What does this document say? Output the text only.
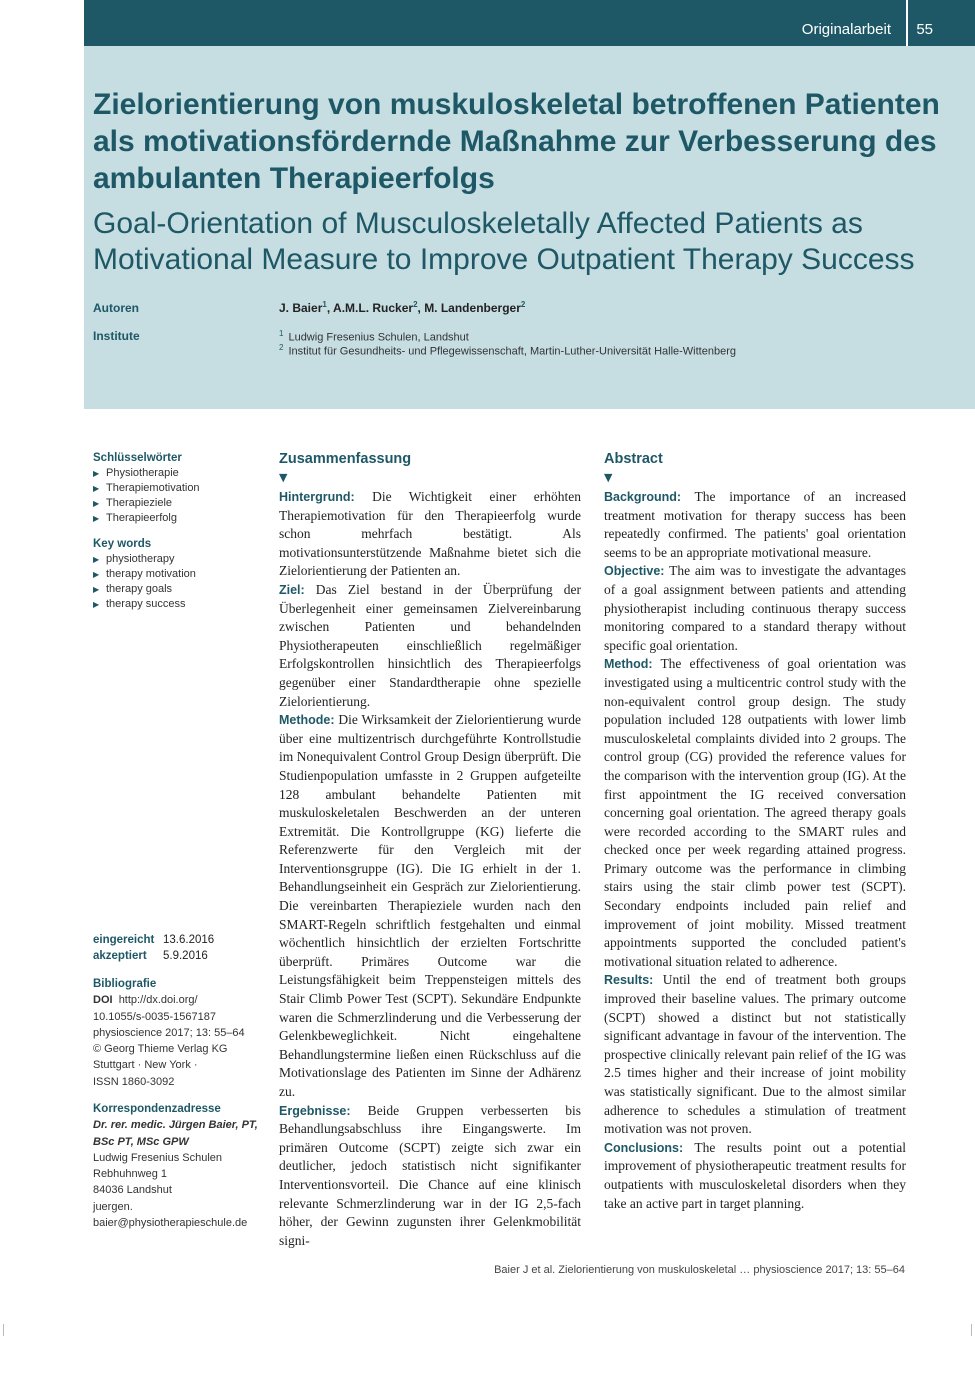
Originalarbeit 55
Zielorientierung von muskuloskeletal betroffenen Patienten als motivationsfördernde Maßnahme zur Verbesserung des ambulanten Therapieerfolgs
Goal-Orientation of Musculoskeletally Affected Patients as Motivational Measure to Improve Outpatient Therapy Success
Autoren	J. Baier$^1$, A.M.L. Rucker$^2$, M. Landenberger$^2$
Institute	$^1$ Ludwig Fresenius Schulen, Landshut
$^2$ Institut für Gesundheits- und Pflegewissenschaft, Martin-Luther-Universität Halle-Wittenberg
Schlüsselwörter
▶ Physiotherapie
▶ Therapiemotivation
▶ Therapieziele
▶ Therapieerfolg
Key words
▶ physiotherapy
▶ therapy motivation
▶ therapy goals
▶ therapy success
eingereicht 13.6.2016
akzeptiert 5.9.2016
Bibliografie
DOI http://dx.doi.org/
10.1055/s-0035-1567187
physioscience 2017; 13: 55–64
© Georg Thieme Verlag KG
Stuttgart · New York ·
ISSN 1860-3092
Korrespondenzadresse
Dr. rer. medic. Jürgen Baier, PT,
BSc PT, MSc GPW
Ludwig Fresenius Schulen
Rebhuhnweg 1
84036 Landshut
juergen.
baier@physiotherapieschule.de
Zusammenfassung
▼

Hintergrund: Die Wichtigkeit einer erhöhten Therapiemotivation für den Therapieerfolg wurde schon mehrfach bestätigt. Als motivationsunterstützende Maßnahme bietet sich die Zielorientierung der Patienten an.

Ziel: Das Ziel bestand in der Überprüfung der Überlegenheit einer gemeinsamen Zielvereinbarung zwischen Patienten und behandelnden Physiotherapeuten einschließlich regelmäßiger Erfolgskontrollen hinsichtlich des Therapieerfolgs gegenüber einer Standardtherapie ohne spezielle Zielorientierung.

Methode: Die Wirksamkeit der Zielorientierung wurde über eine multizentrisch durchgeführte Kontrollstudie im Nonequivalent Control Group Design überprüft. Die Studienpopulation umfasste in 2 Gruppen aufgeteilte 128 ambulant behandelte Patienten mit muskuloskeletalen Beschwerden an der unteren Extremität. Die Kontrollgruppe (KG) lieferte die Referenzwerte für den Vergleich mit der Interventionsgruppe (IG). Die IG erhielt in der 1. Behandlungseinheit ein Gespräch zur Zielorientierung. Die vereinbarten Therapieziele wurden nach den SMART-Regeln schriftlich festgehalten und einmal wöchentlich hinsichtlich der erzielten Fortschritte überprüft. Primäres Outcome war die Leistungsfähigkeit beim Treppensteigen mittels des Stair Climb Power Test (SCPT). Sekundäre Endpunkte waren die Schmerzlinderung und die Verbesserung der Gelenkbeweglichkeit. Nicht eingehaltene Behandlungstermine ließen einen Rückschluss auf die Motivationslage des Patienten im Sinne der Adhärenz zu.

Ergebnisse: Beide Gruppen verbesserten bis Behandlungsabschluss ihre Eingangswerte. Im primären Outcome (SCPT) zeigte sich zwar ein deutlicher, jedoch statistisch nicht signifikanter Interventionsvorteil. Die Chance auf eine klinisch relevante Schmerzlinderung war in der IG 2,5-fach höher, der Gewinn zugunsten ihrer Gelenkmobilität signi-

Abstract
▼

Background: The importance of an increased treatment motivation for therapy success has been repeatedly confirmed. The patients' goal orientation seems to be an appropriate motivational measure.

Objective: The aim was to investigate the advantages of a goal assignment between patients and attending physiotherapist including continuous therapy success monitoring compared to a standard therapy without specific goal orientation.

Method: The effectiveness of goal orientation was investigated using a multicentric control study with the non-equivalent control group design. The study population included 128 outpatients with lower limb musculoskeletal complaints divided into 2 groups. The control group (CG) provided the reference values for the comparison with the intervention group (IG). At the first appointment the IG received conversation concerning goal orientation. The agreed therapy goals were recorded according to the SMART rules and checked once per week regarding attained progress. Primary outcome was the performance in climbing stairs using the stair climb power test (SCPT). Secondary endpoints included pain relief and improvement of joint mobility. Missed treatment appointments supported the concluded patient's motivational situation related to adherence.

Results: Until the end of treatment both groups improved their baseline values. The primary outcome (SCPT) showed a distinct but not statistically significant advantage in favour of the intervention. The prospective clinically relevant pain relief of the IG was 2.5 times higher and their increase of joint mobility was statistically significant. Due to the almost similar adherence to schedules a stimulation of treatment motivation was not proven.

Conclusions: The results point out a potential improvement of physiotherapeutic treatment results for outpatients with musculoskeletal disorders when they take an active part in target planning.

Baier J et al. Zielorientierung von muskuloskeletal … physioscience 2017; 13: 55–64
